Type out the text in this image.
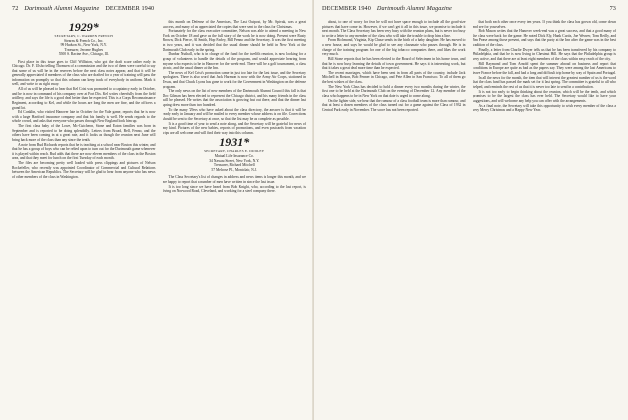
72 Dartmouth Alumni Magazine DECEMBER 1940
1929*
SECRETARY, C. WARREN FRENCH
Stearns & French Co., Inc.
99 Hudson St., New York, N.Y.
Treasurer, Jerome Hughes
5500 S. Racine Ave., Chicago, Ill.

First place in this issue goes to Cliff Williston, who got the draft scare rather early in Chicago. Dr. F. Ulsho telling Thomsen of a commission and the two of them were careful to say that some of us will be in the reserves before the next class notes appear, and that it will be generally appreciated if members of the class who are drafted for a year of training will pass the information on promptly so that this column can keep track of everybody in uniform. Mark it well, and write to us right away.

All of us will be pleased to hear that Kel Crist was promoted to a captaincy early in October, and he is now in command of his company over at Fort Dix. Kel writes cheerfully from the field artillery, and says the life is a good deal better than he expected. This is a Corps Reconnaissance Regiment, according to Kel, and while the hours are long the men are fine, and the officers a grand lot.

Ed Conklin, who visited Hanover late in October for the Yale game, reports that he is now with a large Hartford insurance company and that his family is well. He sends regards to the whole crowd, and asks that everyone who passes through New England look him up.

The first class baby of the Lowe, Mc-Cutcheon, Stone and Eaton families was born in September and is reported to be doing splendidly. Letters from Broad, Bell, Fenno, and the others have been coming in at a great rate, and it looks as though the reunion next June will bring back more of the class than any since the tenth.

A note from Bud Richards reports that he is teaching at a school near Boston this winter, and that he has a group of boys who can be relied upon to turn out for the Dartmouth game whenever it is played within reach. Bud adds that there are now eleven members of the class in the Boston area, and that they meet for lunch on the first Tuesday of each month.

The files are becoming pretty well loaded with press clippings and pictures of Nelson Rockefeller, who recently was appointed Coordinator of Commercial and Cultural Relations between the American Republics. The Secretary will be glad to hear from anyone who has news of other members of the class in Washington.

this month on Defense of the Americas, The Last Outpost, by Mr. Spivak, was a great success, and many of us appreciated the copies that were sent to the class for Christmas.

Fortunately for the class executive committee, Nelson was able to attend a meeting in New York on October 18 and gave us the full story of the work he is now doing. Present were Rusty Brown, Dick Pierce, Al Smith, Hop Farley, Bill Fenno and the Secretary. It was the first meeting in two years, and it was decided that the usual dinner should be held in New York at the Dartmouth Club early in the spring.

Dunbar Nuthall, who is in charge of the fund for the twelfth reunion, is now looking for a group of volunteers to handle the details of the program, and would appreciate hearing from anyone who expects to be in Hanover for the week-end. There will be a golf tournament, a class picnic, and the usual dinner at the Inn.

The news of Kel Crist's promotion came in just too late for the last issue, and the Secretary apologizes. There is also word that Jack Harmon is now with the Army Air Corps, stationed in Texas, and that Chuck Lyons has gone to work for the Government in Washington on the defense program.

The only news on the list of new members of the Dartmouth Alumni Council this fall is that Doc Gilman has been elected to represent the Chicago district, and his many friends in the class will be pleased. He writes that the association is growing fast out there, and that the dinner last spring drew more than two hundred.

To the many '29ers who have asked about the class directory, the answer is that it will be ready early in January and will be mailed to every member whose address is on file. Corrections should be sent to the Secretary at once, so that the list may be as complete as possible.

It is a good time of year to send a note along, and the Secretary will be grateful for news of any kind. Pictures of the new babies, reports of promotions, and even postcards from vacation trips are all welcome and will find their way into this column.

1931*
SECRETARY, CHARLES E. DUDLEY
Mutual Life Insurance Co.
34 Nassau Street, New York, N.Y.
Treasurer, Richard Mitchell
57 Melrose Pl., Montclair, N.J.

The Class Secretary's list of changes in address and news items is longer this month, and we are happy to report that a number of men have written in since the last issue.

It is too long since we have heard from Bob Knight, who, according to the last report, is living on Norwood Road, Cleveland, and working for a steel company there.

DECEMBER 1940 Dartmouth Alumni Magazine	73

about, to one of worry for fear he will not have space enough to include all the good-size pictures that have come in. However, if we can't get it all in this issue, we promise to include it next month. The Class Secretary has been very busy with the reunion plans, but is never too busy to write a letter to any member of the class who will take the trouble to drop him a line.

From Richmond, Virginia, Kip Chase sends in the birth of a baby daughter. He has moved to a new house, and says he would be glad to see any classmate who passes through. He is in charge of the training program for one of the big tobacco companies there, and likes the work very much.

Bill Stone reports that he has been elected to the Board of Selectmen in his home town, and that he is now busy learning the details of town government. He says it is interesting work, but that it takes a great deal more time than he expected.

The recent marriages, which have been sent in from all parts of the country, include Jack Mitchell in Boston, Bob Fenner in Chicago, and Pete Allen in San Francisco. To all of them go the best wishes of the class.

The New York Class has decided to hold a dinner every two months during the winter, the first one to be held at the Dartmouth Club on the evening of December 12. Any member of the class who happens to be in New York on that date is urged to come along.

On the lighter side, we hear that the rumour of a class football team is more than rumour, and that at least a dozen members of the class turned out for a game against the Class of 1932 in Central Park early in November. The score has not been reported.

that both each other once every ten years. If you think the class has grown old, come down and see for yourselves.

Bob Mason writes that the Hanover week-end was a great success, and that a good many of the class were back for the game. He noted Dick Ely, Hank Curtis, Joe Weaver, Tom Reilly, and Jim Pease among those present, and says that the party at the Inn after the game was in the best tradition of the class.

Finally, a letter from Charlie Dwyer tells us that he has been transferred by his company to Philadelphia, and that he is now living in Chestnut Hill. He says that the Philadelphia group is very active, and that there are at least eight members of the class within easy reach of the city.

Bill Raymond and Tom Arnold spent the summer abroad on business and report that conditions in Europe are quite as bad as the papers say. They were among the last Americans to leave France before the fall, and had a long and difficult trip home by way of Spain and Portugal.

In all the news for the month, the item that will interest the greatest number of us is the word that the class fund has passed the mark set for it last spring. The committee is grateful to all who helped, and reminds the rest of us that it is never too late to send in a contribution.

It is not too early to begin thinking about the reunion, which will be the tenth, and which promises to be the largest the class has ever held. The Secretary would like to have your suggestions, and will welcome any help you can offer with the arrangements.

As a final note, the Secretary will take this opportunity to wish every member of the class a very Merry Christmas and a Happy New Year.
